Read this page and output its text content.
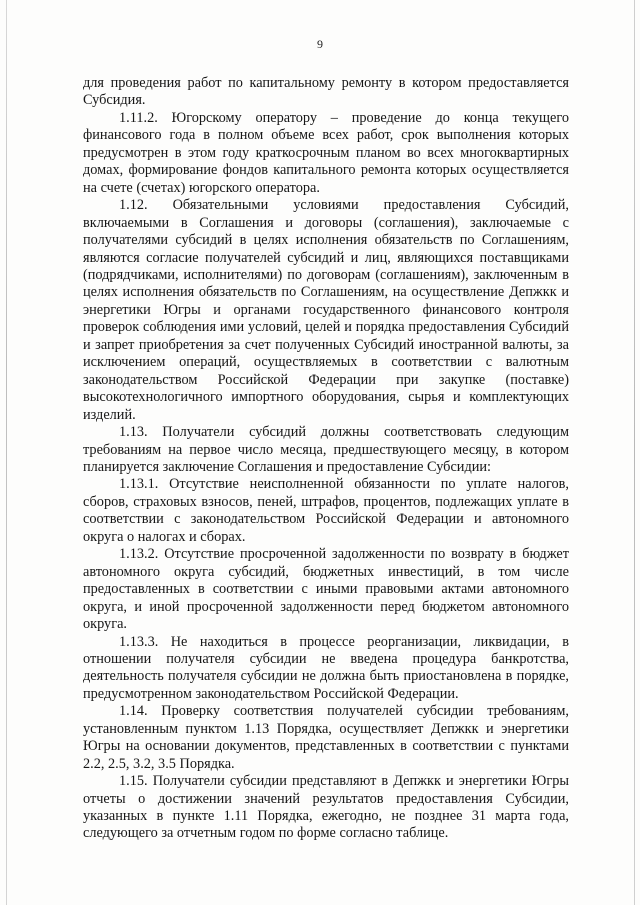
9

для проведения работ по капитальному ремонту в котором предоставляется Субсидия.

1.11.2. Югорскому оператору – проведение до конца текущего финансового года в полном объеме всех работ, срок выполнения которых предусмотрен в этом году краткосрочным планом во всех многоквартирных домах, формирование фондов капитального ремонта которых осуществляется на счете (счетах) югорского оператора.

1.12. Обязательными условиями предоставления Субсидий, включаемыми в Соглашения и договоры (соглашения), заключаемые с получателями субсидий в целях исполнения обязательств по Соглашениям, являются согласие получателей субсидий и лиц, являющихся поставщиками (подрядчиками, исполнителями) по договорам (соглашениям), заключенным в целях исполнения обязательств по Соглашениям, на осуществление Депжкк и энергетики Югры и органами государственного финансового контроля проверок соблюдения ими условий, целей и порядка предоставления Субсидий и запрет приобретения за счет полученных Субсидий иностранной валюты, за исключением операций, осуществляемых в соответствии с валютным законодательством Российской Федерации при закупке (поставке) высокотехнологичного импортного оборудования, сырья и комплектующих изделий.

1.13. Получатели субсидий должны соответствовать следующим требованиям на первое число месяца, предшествующего месяцу, в котором планируется заключение Соглашения и предоставление Субсидии:

1.13.1. Отсутствие неисполненной обязанности по уплате налогов, сборов, страховых взносов, пеней, штрафов, процентов, подлежащих уплате в соответствии с законодательством Российской Федерации и автономного округа о налогах и сборах.

1.13.2. Отсутствие просроченной задолженности по возврату в бюджет автономного округа субсидий, бюджетных инвестиций, в том числе предоставленных в соответствии с иными правовыми актами автономного округа, и иной просроченной задолженности перед бюджетом автономного округа.

1.13.3. Не находиться в процессе реорганизации, ликвидации, в отношении получателя субсидии не введена процедура банкротства, деятельность получателя субсидии не должна быть приостановлена в порядке, предусмотренном законодательством Российской Федерации.

1.14. Проверку соответствия получателей субсидии требованиям, установленным пунктом 1.13 Порядка, осуществляет Депжкк и энергетики Югры на основании документов, представленных в соответствии с пунктами 2.2, 2.5, 3.2, 3.5 Порядка.

1.15. Получатели субсидии представляют в Депжкк и энергетики Югры отчеты о достижении значений результатов предоставления Субсидии, указанных в пункте 1.11 Порядка, ежегодно, не позднее 31 марта года, следующего за отчетным годом по форме согласно таблице.
